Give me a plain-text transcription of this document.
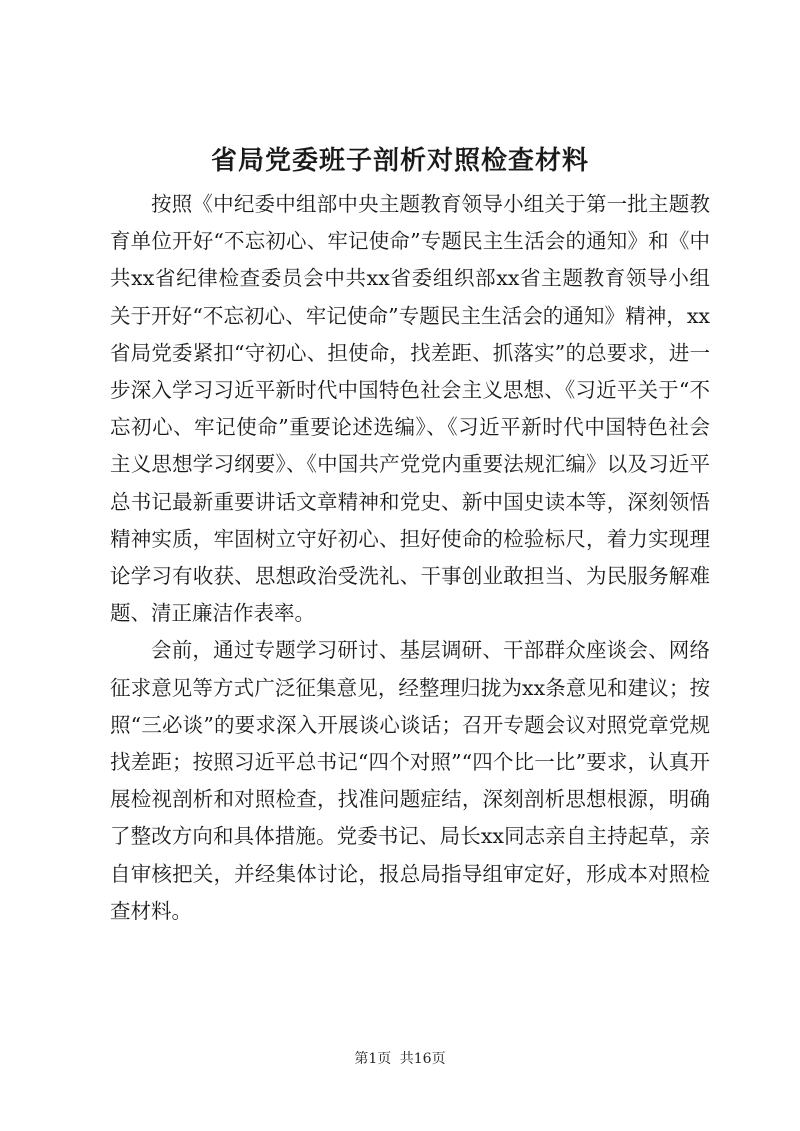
省局党委班子剖析对照检查材料

按照《中纪委中组部中央主题教育领导小组关于第一批主题教育单位开好“不忘初心、牢记使命”专题民主生活会的通知》和《中共xx省纪律检查委员会中共xx省委组织部xx省主题教育领导小组关于开好“不忘初心、牢记使命”专题民主生活会的通知》精神，xx省局党委紧扣“守初心、担使命，找差距、抓落实”的总要求，进一步深入学习习近平新时代中国特色社会主义思想、《习近平关于“不忘初心、牢记使命”重要论述选编》、《习近平新时代中国特色社会主义思想学习纲要》、《中国共产党党内重要法规汇编》以及习近平总书记最新重要讲话文章精神和党史、新中国史读本等，深刻领悟精神实质，牢固树立守好初心、担好使命的检验标尺，着力实现理论学习有收获、思想政治受洗礼、干事创业敢担当、为民服务解难题、清正廉洁作表率。

会前，通过专题学习研讨、基层调研、干部群众座谈会、网络征求意见等方式广泛征集意见，经整理归拢为xx条意见和建议；按照“三必谈”的要求深入开展谈心谈话；召开专题会议对照党章党规找差距；按照习近平总书记“四个对照”“四个比一比”要求，认真开展检视剖析和对照检查，找准问题症结，深刻剖析思想根源，明确了整改方向和具体措施。党委书记、局长xx同志亲自主持起草，亲自审核把关，并经集体讨论，报总局指导组审定好，形成本对照检查材料。

第1页 共16页
